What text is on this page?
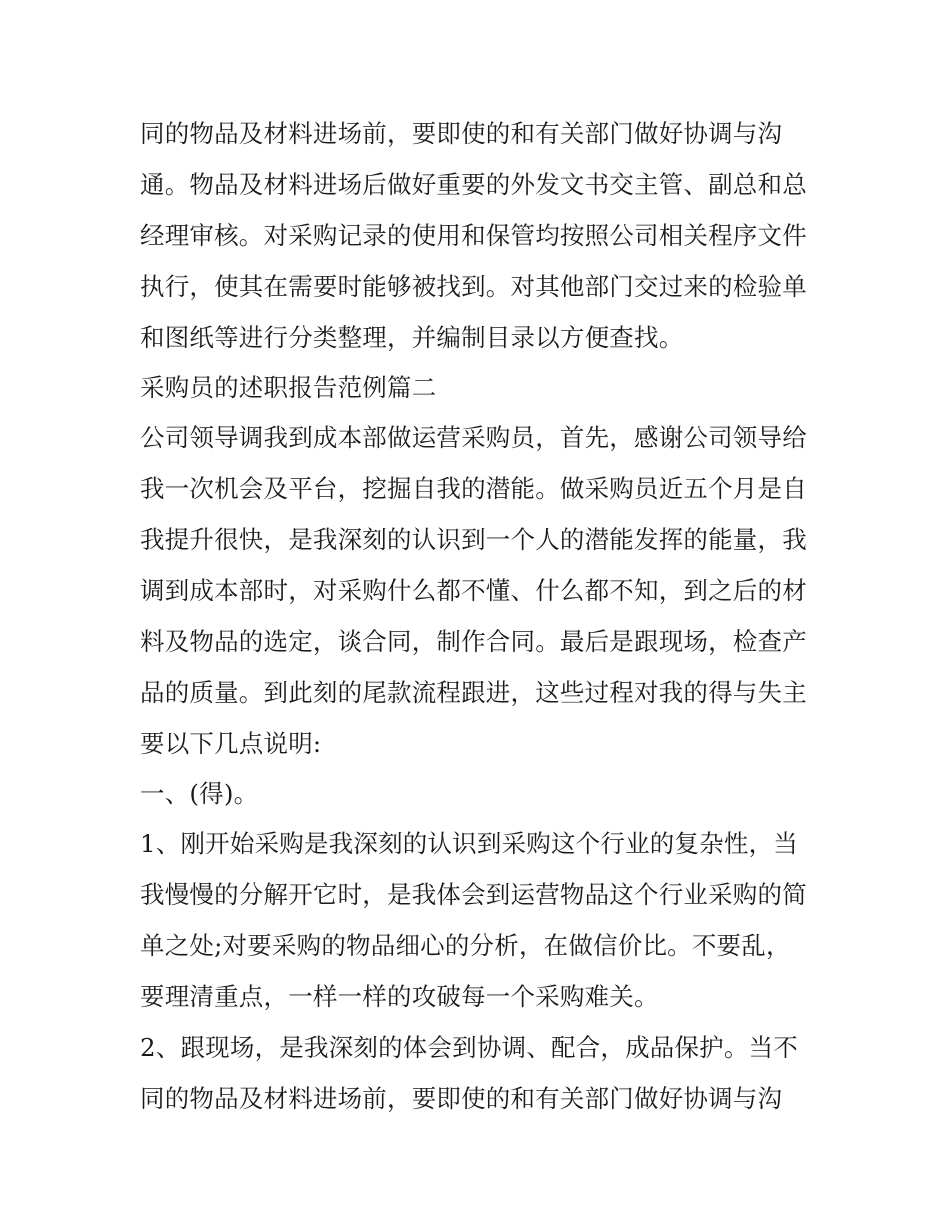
同的物品及材料进场前，要即使的和有关部门做好协调与沟
通。物品及材料进场后做好重要的外发文书交主管、副总和总
经理审核。对采购记录的使用和保管均按照公司相关程序文件
执行，使其在需要时能够被找到。对其他部门交过来的检验单
和图纸等进行分类整理，并编制目录以方便查找。
采购员的述职报告范例篇二
公司领导调我到成本部做运营采购员，首先，感谢公司领导给
我一次机会及平台，挖掘自我的潜能。做采购员近五个月是自
我提升很快，是我深刻的认识到一个人的潜能发挥的能量，我
调到成本部时，对采购什么都不懂、什么都不知，到之后的材
料及物品的选定，谈合同，制作合同。最后是跟现场，检查产
品的质量。到此刻的尾款流程跟进，这些过程对我的得与失主
要以下几点说明:
一、(得)。
1、刚开始采购是我深刻的认识到采购这个行业的复杂性，当
我慢慢的分解开它时，是我体会到运营物品这个行业采购的简
单之处;对要采购的物品细心的分析，在做信价比。不要乱，
要理清重点，一样一样的攻破每一个采购难关。
2、跟现场，是我深刻的体会到协调、配合，成品保护。当不
同的物品及材料进场前，要即使的和有关部门做好协调与沟
